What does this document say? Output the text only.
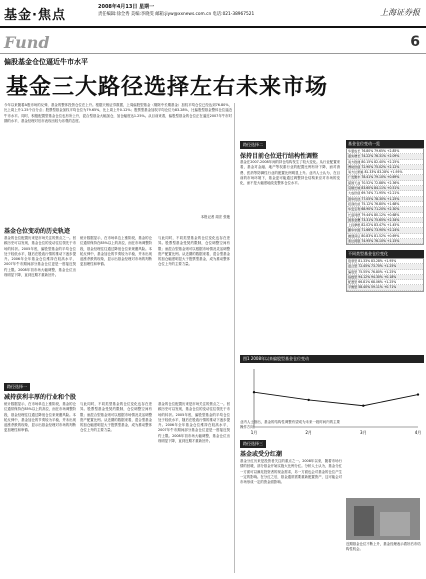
基金·焦点
2008年4月13日 星期一
责任编辑:徐全秀 美编:李晓雯 邮箱:jiyw@xxnews.com.cn 电话:021-38967521	上海证券报
Fund	6
偏股基金仓位逼近牛市水平
基金三大路径选择左右未来市场
今年以来随着A股市场的反弹，基金的整体投资仓位在上升。根据天相证券数据，上周偏股型基金（剔除中长期基金）加权平均仓位已经达到76.80%，比上周上升1.25个百分点；股票型基金加权平均仓位为79.65%，比上周上升0.12%；股票型基金加权平均仓位为83.28%，比偏股型基金整体仓位逼近牛市水平。同时，积极配置型基金仓位也有所上升，混合型基金大幅加仓，加仓幅度达1.25%。从目前来看，偏股型基金的仓位正在逼近2007年牛市时期的水平，基金经理对后市表现出较为乐观的态度。
本报记者 周宏 张艳
基金仓位变动的历史轨迹
基金的仓位配置历来是市场关注的焦点之一。回顾历史可以发现，基金仓位的变动往往领先于市场的转折。2005年底，偏股型基金的平均仓位处于较低水平，随后在股改行情的推动下逐步提升。2006年全年基金仓位维持在较高水平，2007年牛市期间部分基金仓位更是一度接近契约上限。2008年初市场大幅调整，基金仓位出现明显下降，直到近期才重新回升。
统计数据显示，在市场单边上涨阶段，基金的仓位通常保持在85%以上的高位，而在市场调整阶段，基金经理往往通过降低仓位来规避风险。本轮反弹中，基金加仓的节奏较为平稳，并未出现追涨杀跌的现象，显示出基金经理对市场的判断更加理性和审慎。
与此同时，不同类型基金的仓位变化也存在差异。股票型基金受契约限制，仓位调整空间有限；而混合型基金则可以根据市场情况灵活调整资产配置比例。从近期的数据来看，混合型基金的加仓幅度明显大于股票型基金，成为推动整体仓位上升的主要力量。
路径选择一
减持获利丰厚的行业和个股
统计数据显示，在市场单边上涨阶段，基金的仓位通常保持在85%以上的高位，而在市场调整阶段，基金经理往往通过降低仓位来规避风险。本轮反弹中，基金加仓的节奏较为平稳，并未出现追涨杀跌的现象，显示出基金经理对市场的判断更加理性和审慎。
与此同时，不同类型基金的仓位变化也存在差异。股票型基金受契约限制，仓位调整空间有限；而混合型基金则可以根据市场情况灵活调整资产配置比例。从近期的数据来看，混合型基金的加仓幅度明显大于股票型基金，成为推动整体仓位上升的主要力量。
基金的仓位配置历来是市场关注的焦点之一。回顾历史可以发现，基金仓位的变动往往领先于市场的转折。2005年底，偏股型基金的平均仓位处于较低水平，随后在股改行情的推动下逐步提升。2006年全年基金仓位维持在较高水平，2007年牛市期间部分基金仓位更是一度接近契约上限。2008年初市场大幅调整，基金仓位出现明显下降，直到近期才重新回升。
路径选择二
保持目前仓位进行结构性调整
基金在2007-2008年间的持仓结构发生了较大变化。从行业配置来看，基金对金融、地产等权重行业的配置比例有所下降，而对消费、医药等防御性行业的配置比例明显上升。业内人士认为，在目前的市场环境下，基金更可能通过调整持仓结构来应对市场的变化，而不是大幅度地改变整体仓位水平。
基金仓位变动一览
华夏成长 76.80% 79.65% +2.85%
嘉实增长 74.22% 76.31% +2.09%
南方稳健 80.15% 82.40% +2.25%
博时价值 72.90% 75.02% +2.12%
易方达策略 81.33% 83.28% +1.95%
广发聚丰 78.41% 79.10% +0.69%
富国天益 70.52% 72.88% +2.36%
景顺长城 83.60% 84.11% +0.51%
大成价值 69.74% 71.95% +2.21%
银华优选 77.05% 78.30% +1.25%
招商优质 75.12% 76.80% +1.68%
华安宝利 68.90% 71.20% +2.30%
长盛同德 79.44% 80.12% +0.68%
国泰金鹰 73.31% 75.65% +2.34%
上投摩根 82.02% 83.47% +1.45%
鹏华中国 71.66% 73.90% +2.24%
融通深证 80.83% 81.52% +0.69%
泰达荷银 74.95% 76.10% +1.15%
不同类型基金仓位变化
股票型 81.33% 83.28% +1.95%
混合型 72.45% 73.70% +1.25%
偏股型 75.55% 76.80% +1.25%
指数型 94.12% 94.30% +0.18%
配置型 66.81% 68.06% +1.25%
平衡型 58.40% 59.11% +0.71%
图1 2008年以来偏股型基金仓位变动
1月	2月	3月	4月
业内人士指出，基金的结构性调整有望成为未来一段时间内的主要操作方向。
路径选择三
基金或受分红潮
基金分红历来是投资者关注的重点之一。2008年以来，随着市场行情的回暖，部分基金开始实施大比例分红。分析人士认为，基金分红一方面可以满足投资者的现金需求，另一方面也会对基金的仓位产生一定的影响。在分红之后，基金通常需要重新配置资产，这可能会对市场形成一定的资金面影响。
近期基金仓位不断上升，基金经理表示看好后市结构性机会。
